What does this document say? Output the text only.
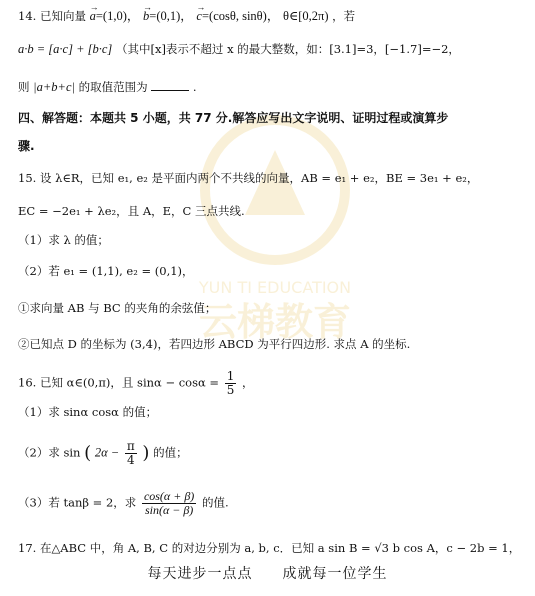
YUN TI EDUCATION
云梯教育
14. 已知向量 → a=(1,0)， → b=(0,1)， → c=(cosθ, sinθ)， θ∈[0,2π) ，若
a·b = [a·c] + [b·c] （其中[x]表示不超过 x 的最大整数，如：[3.1]=3，[−1.7]=−2，
则 |a+b+c| 的取值范围为	.
四、解答题：本题共 5 小题，共 77 分.解答应写出文字说明、证明过程或演算步
骤.
15. 设 λ∈R，已知 e₁, e₂ 是平面内两个不共线的向量，AB = e₁ + e₂，BE = 3e₁ + e₂，
EC = −2e₁ + λe₂，且 A，E，C 三点共线.
（1）求 λ 的值；
（2）若 e₁ = (1,1), e₂ = (0,1)，
①求向量 AB 与 BC 的夹角的余弦值；
②已知点 D 的坐标为 (3,4)，若四边形 ABCD 为平行四边形. 求点 A 的坐标.
16. 已知 α∈(0,π)，且 $\sin\alpha - \cos\alpha = \frac{1}{5}$ ，
（1）求 sinα cosα 的值；
（2）求 sin ( $2\alpha - \frac{\pi}{4}$ ) 的值；
（3）若 tanβ = 2，求 $\frac{\cos(\alpha + \beta)}{\sin(\alpha - \beta)}$ 的值.
17. 在△ABC 中，角 A, B, C 的对边分别为 a, b, c．已知 a sin B = √3 b cos A，c − 2b = 1，
每天进步一点点　　成就每一位学生
